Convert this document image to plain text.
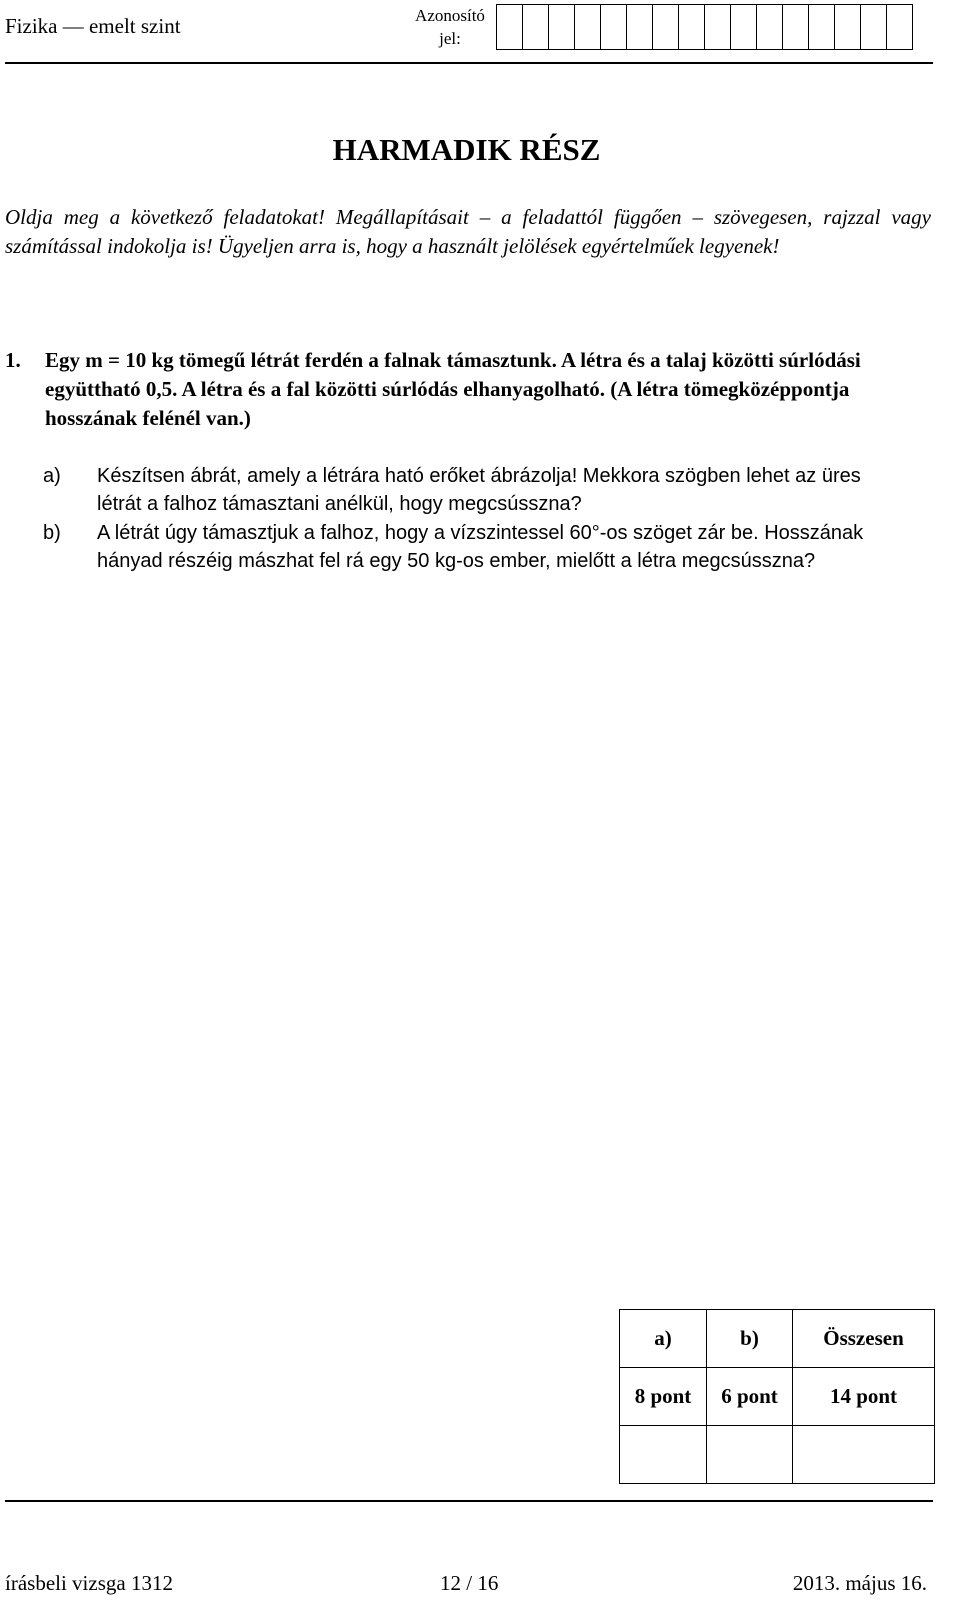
Fizika — emelt szint	Azonosító jel:
HARMADIK RÉSZ
Oldja meg a következő feladatokat! Megállapításait – a feladattól függően – szövegesen, rajzzal vagy számítással indokolja is! Ügyeljen arra is, hogy a használt jelölések egyértelműek legyenek!
1. Egy m = 10 kg tömegű létrát ferdén a falnak támasztunk. A létra és a talaj közötti súrlódási együttható 0,5. A létra és a fal közötti súrlódás elhanyagolható. (A létra tömegközéppontja hosszának felénél van.)
a) Készítsen ábrát, amely a létrára ható erőket ábrázolja! Mekkora szögben lehet az üres létrát a falhoz támasztani anélkül, hogy megcsússzna?
b) A létrát úgy támasztjuk a falhoz, hogy a vízszintessel 60°-os szöget zár be. Hosszának hányad részéig mászhat fel rá egy 50 kg-os ember, mielőtt a létra megcsússzna?
a)	b)	Összesen
8 pont	6 pont	14 pont

írásbeli vizsga 1312	12 / 16	2013. május 16.
